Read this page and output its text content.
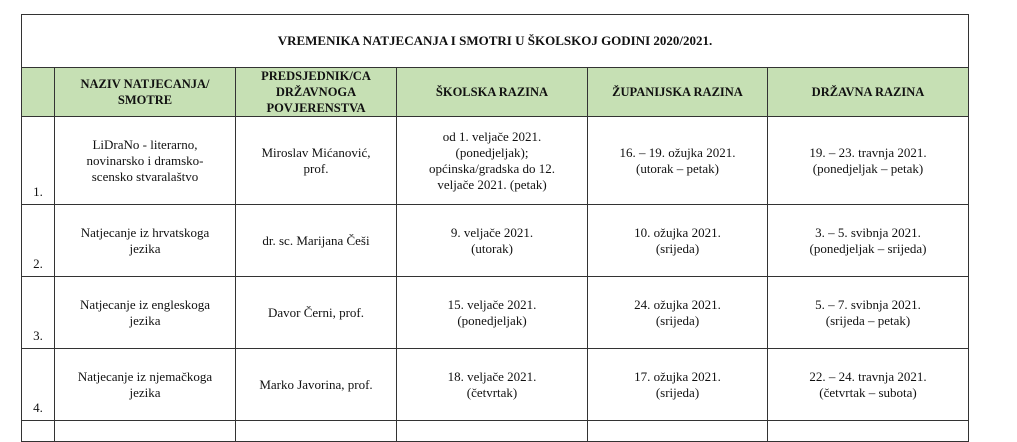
VREMENIKA NATJECANJA I SMOTRI U ŠKOLSKOJ GODINI 2020/2021.					

	NAZIV NATJECANJA/
SMOTRE	PREDSJEDNIK/CA
DRŽAVNOGA
POVJERENSTVA	ŠKOLSKA RAZINA	ŽUPANIJSKA RAZINA	DRŽAVNA RAZINA

1.	LiDraNo - literarno,
novinarsko i dramsko-
scensko stvaralaštvo	Miroslav Mićanović,
prof.	od 1. veljače 2021.
(ponedjeljak);
općinska/gradska do 12.
veljače 2021. (petak)	16. – 19. ožujka 2021.
(utorak – petak)	19. – 23. travnja 2021.
(ponedjeljak – petak)

2.	Natjecanje iz hrvatskoga
jezika	dr. sc. Marijana Češi	9. veljače 2021.
(utorak)	10. ožujka 2021.
(srijeda)	3. – 5. svibnja 2021.
(ponedjeljak – srijeda)

3.	Natjecanje iz engleskoga
jezika	Davor Černi, prof.	15. veljače 2021.
(ponedjeljak)	24. ožujka 2021.
(srijeda)	5. – 7. svibnja 2021.
(srijeda – petak)

4.	Natjecanje iz njemačkoga
jezika	Marko Javorina, prof.	18. veljače 2021.
(četvrtak)	17. ožujka 2021.
(srijeda)	22. – 24. travnja 2021.
(četvrtak – subota)
